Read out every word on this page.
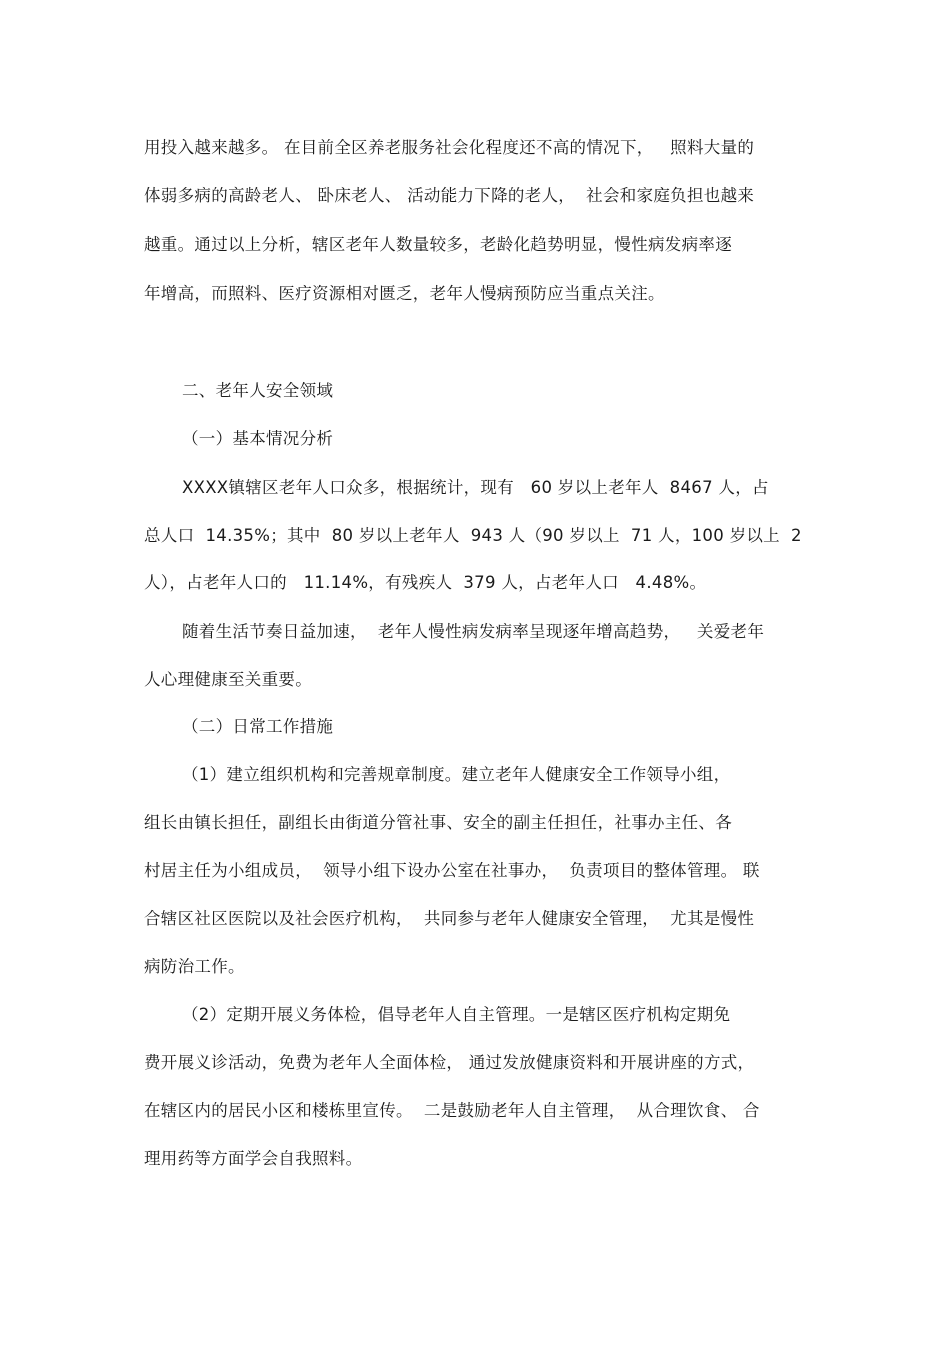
用投入越来越多。 在目前全区养老服务社会化程度还不高的情况下，   照料大量的
体弱多病的高龄老人、 卧床老人、 活动能力下降的老人，  社会和家庭负担也越来
越重。通过以上分析，辖区老年人数量较多，老龄化趋势明显，慢性病发病率逐
年增高，而照料、医疗资源相对匮乏，老年人慢病预防应当重点关注。
二、老年人安全领域
（一）基本情况分析
XXXX镇辖区老年人口众多，根据统计，现有   60 岁以上老年人  8467 人，占
总人口  14.35%；其中  80 岁以上老年人  943 人（90 岁以上  71 人，100 岁以上  2
人），占老年人口的   11.14%，有残疾人  379 人，占老年人口   4.48%。
随着生活节奏日益加速，  老年人慢性病发病率呈现逐年增高趋势，   关爱老年
人心理健康至关重要。
（二）日常工作措施
（1）建立组织机构和完善规章制度。建立老年人健康安全工作领导小组，
组长由镇长担任，副组长由街道分管社事、安全的副主任担任，社事办主任、各
村居主任为小组成员，  领导小组下设办公室在社事办，  负责项目的整体管理。 联
合辖区社区医院以及社会医疗机构，  共同参与老年人健康安全管理，  尤其是慢性
病防治工作。
（2）定期开展义务体检，倡导老年人自主管理。一是辖区医疗机构定期免
费开展义诊活动，免费为老年人全面体检， 通过发放健康资料和开展讲座的方式，
在辖区内的居民小区和楼栋里宣传。  二是鼓励老年人自主管理，  从合理饮食、 合
理用药等方面学会自我照料。
